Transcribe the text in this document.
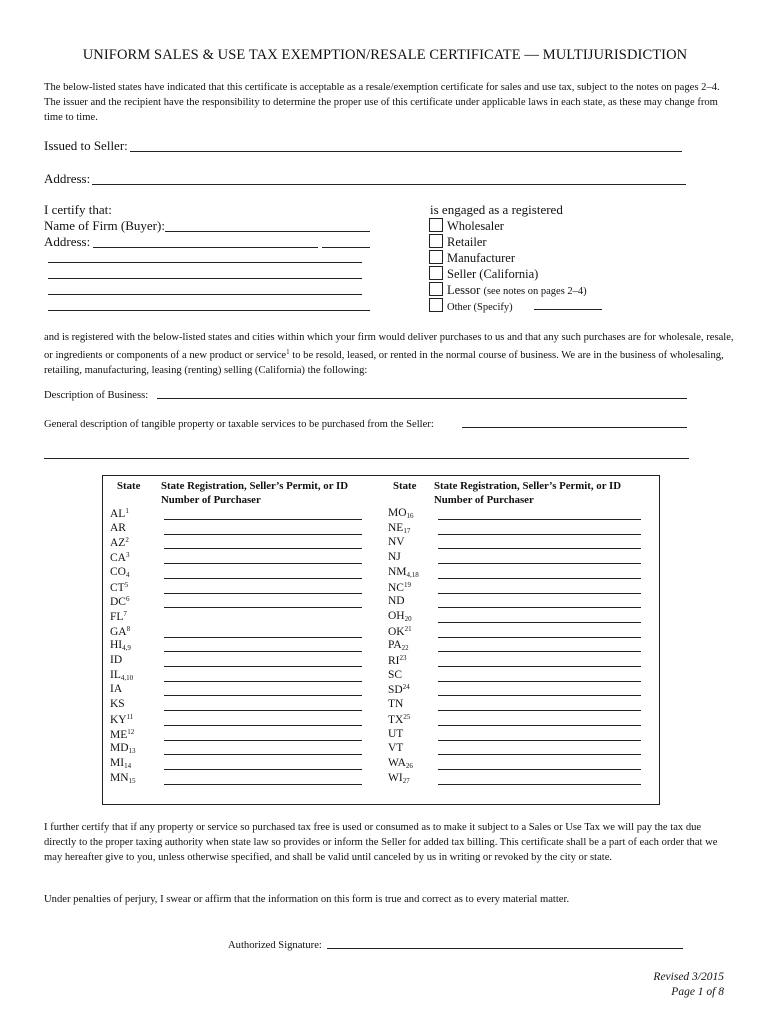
UNIFORM SALES & USE TAX EXEMPTION/RESALE CERTIFICATE — MULTIJURISDICTION
The below-listed states have indicated that this certificate is acceptable as a resale/exemption certificate for sales and use tax, subject to the notes on pages 2–4. The issuer and the recipient have the responsibility to determine the proper use of this certificate under applicable laws in each state, as these may change from time to time.
Issued to Seller:
Address:
I certify that:
Name of Firm (Buyer):
Address:
is engaged as a registered
Wholesaler
Retailer
Manufacturer
Seller (California)
Lessor (see notes on pages 2–4)
Other (Specify)
and is registered with the below-listed states and cities within which your firm would deliver purchases to us and that any such purchases are for wholesale, resale, or ingredients or components of a new product or service$^1$ to be resold, leased, or rented in the normal course of business. We are in the business of wholesaling, retailing, manufacturing, leasing (renting) selling (California) the following:
Description of Business:
General description of tangible property or taxable services to be purchased from the Seller:
State State Registration, Seller’s Permit, or ID Number of Purchaser
State State Registration, Seller’s Permit, or ID Number of Purchaser
$AL^1$
AR
$AZ^2$
$CA^3$
$CO_4$
$CT^5$
$DC^6$
$FL^7$
$GA^8$
$HI_{4,9}$
ID
$IL_{4,10}$
IA
KS
KY$^{11}$
ME$^{12}$
$MD_{13}$
$MI_{14}$
$MN_{15}$
$MO_{16}$
$NE_{17}$
NV
NJ
$NM_{4,18}$
NC$^{19}$
ND
$OH_{20}$
OK$^{21}$
$PA_{22}$
RI$^{23}$
SC
SD$^{24}$
TN
TX$^{25}$
UT
VT
$WA_{26}$
$WI_{27}$
I further certify that if any property or service so purchased tax free is used or consumed as to make it subject to a Sales or Use Tax we will pay the tax due directly to the proper taxing authority when state law so provides or inform the Seller for added tax billing. This certificate shall be a part of each order that we may hereafter give to you, unless otherwise specified, and shall be valid until canceled by us in writing or revoked by the city or state.
Under penalties of perjury, I swear or affirm that the information on this form is true and correct as to every material matter.
Authorized Signature:
Revised 3/2015
Page 1 of 8
